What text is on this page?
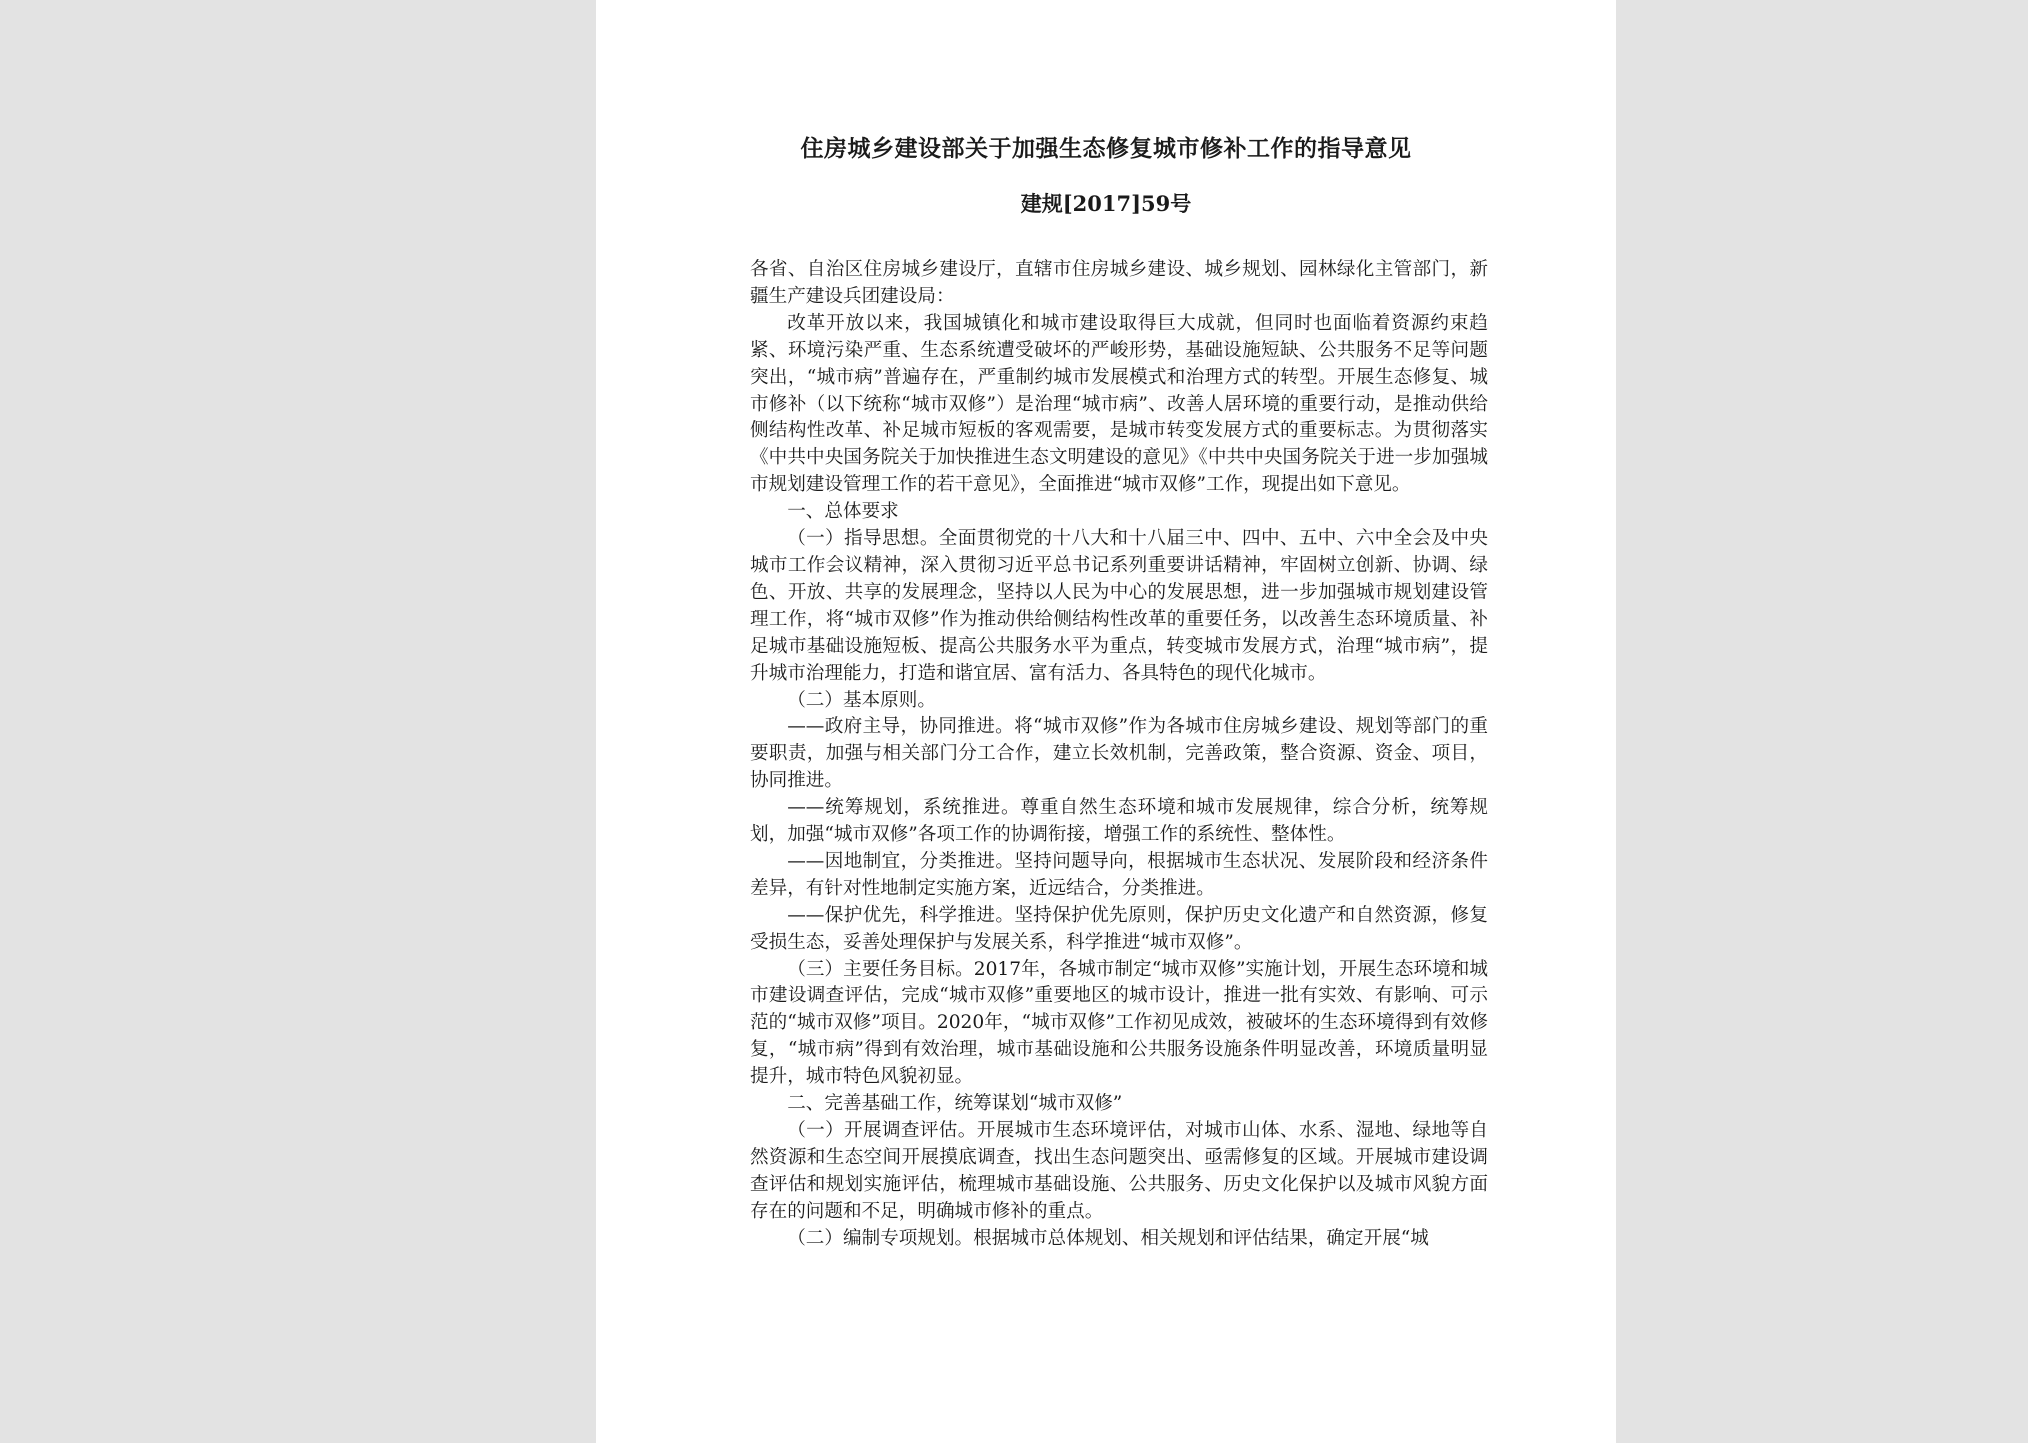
住房城乡建设部关于加强生态修复城市修补工作的指导意见
建规[2017]59号

各省、自治区住房城乡建设厅，直辖市住房城乡建设、城乡规划、园林绿化主管部门，新疆生产建设兵团建设局：

改革开放以来，我国城镇化和城市建设取得巨大成就，但同时也面临着资源约束趋紧、环境污染严重、生态系统遭受破坏的严峻形势，基础设施短缺、公共服务不足等问题突出，“城市病”普遍存在，严重制约城市发展模式和治理方式的转型。开展生态修复、城市修补（以下统称“城市双修”）是治理“城市病”、改善人居环境的重要行动，是推动供给侧结构性改革、补足城市短板的客观需要，是城市转变发展方式的重要标志。为贯彻落实《中共中央国务院关于加快推进生态文明建设的意见》《中共中央国务院关于进一步加强城市规划建设管理工作的若干意见》，全面推进“城市双修”工作，现提出如下意见。

一、总体要求

（一）指导思想。全面贯彻党的十八大和十八届三中、四中、五中、六中全会及中央城市工作会议精神，深入贯彻习近平总书记系列重要讲话精神，牢固树立创新、协调、绿色、开放、共享的发展理念，坚持以人民为中心的发展思想，进一步加强城市规划建设管理工作，将“城市双修”作为推动供给侧结构性改革的重要任务，以改善生态环境质量、补足城市基础设施短板、提高公共服务水平为重点，转变城市发展方式，治理“城市病”，提升城市治理能力，打造和谐宜居、富有活力、各具特色的现代化城市。

（二）基本原则。

——政府主导，协同推进。将“城市双修”作为各城市住房城乡建设、规划等部门的重要职责，加强与相关部门分工合作，建立长效机制，完善政策，整合资源、资金、项目，协同推进。

——统筹规划，系统推进。尊重自然生态环境和城市发展规律，综合分析，统筹规划，加强“城市双修”各项工作的协调衔接，增强工作的系统性、整体性。

——因地制宜，分类推进。坚持问题导向，根据城市生态状况、发展阶段和经济条件差异，有针对性地制定实施方案，近远结合，分类推进。

——保护优先，科学推进。坚持保护优先原则，保护历史文化遗产和自然资源，修复受损生态，妥善处理保护与发展关系，科学推进“城市双修”。

（三）主要任务目标。2017年，各城市制定“城市双修”实施计划，开展生态环境和城市建设调查评估，完成“城市双修”重要地区的城市设计，推进一批有实效、有影响、可示范的“城市双修”项目。2020年，“城市双修”工作初见成效，被破坏的生态环境得到有效修复，“城市病”得到有效治理，城市基础设施和公共服务设施条件明显改善，环境质量明显提升，城市特色风貌初显。

二、完善基础工作，统筹谋划“城市双修”

（一）开展调查评估。开展城市生态环境评估，对城市山体、水系、湿地、绿地等自然资源和生态空间开展摸底调查，找出生态问题突出、亟需修复的区域。开展城市建设调查评估和规划实施评估，梳理城市基础设施、公共服务、历史文化保护以及城市风貌方面存在的问题和不足，明确城市修补的重点。

（二）编制专项规划。根据城市总体规划、相关规划和评估结果，确定开展“城
